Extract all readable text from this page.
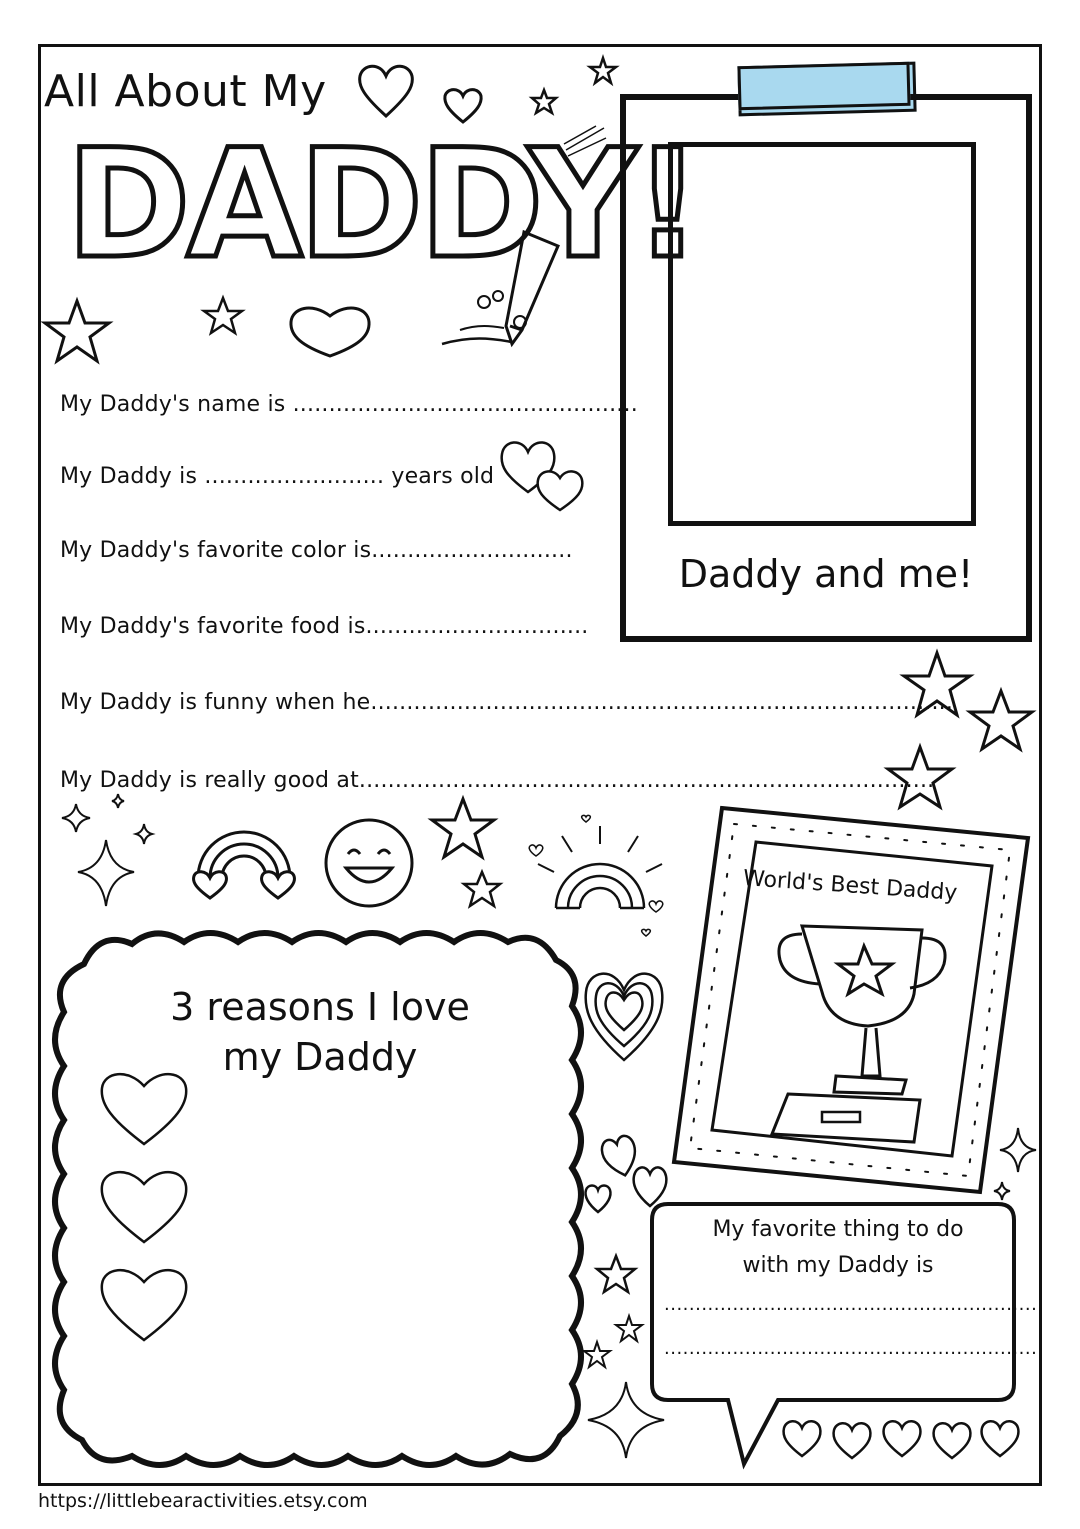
All About My
DADDY!
My Daddy's name is ................................................
My Daddy is ......................... years old
My Daddy's favorite color is............................
My Daddy's favorite food is...............................
My Daddy is funny when he.................................................................................
My Daddy is really good at................................................................................
Daddy and me!
World's Best Daddy
3 reasons I love
my Daddy
My favorite thing to do
with my Daddy is
............................................................
............................................................
https://littlebearactivities.etsy.com
